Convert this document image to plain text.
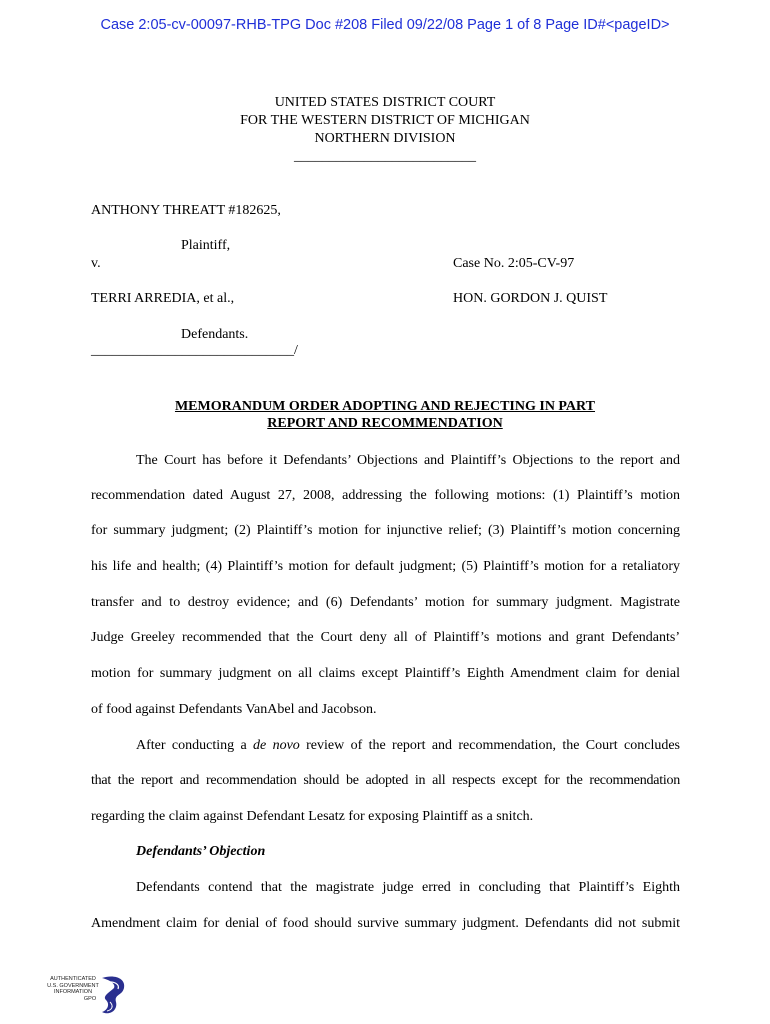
Case 2:05-cv-00097-RHB-TPG Doc #208 Filed 09/22/08 Page 1 of 8 Page ID#<pageID>
UNITED STATES DISTRICT COURT
FOR THE WESTERN DISTRICT OF MICHIGAN
NORTHERN DIVISION
__________________________
ANTHONY THREATT #182625,
Plaintiff,
v.	Case No. 2:05-CV-97
TERRI ARREDIA, et al.,	HON. GORDON J. QUIST
Defendants.
_____________________________/
MEMORANDUM ORDER ADOPTING AND REJECTING IN PART
REPORT AND RECOMMENDATION
The Court has before it Defendants’ Objections and Plaintiff’s Objections to the report and
recommendation dated August 27, 2008, addressing the following motions: (1) Plaintiff’s motion
for summary judgment; (2) Plaintiff’s motion for injunctive relief; (3) Plaintiff’s motion concerning
his life and health; (4) Plaintiff’s motion for default judgment; (5) Plaintiff’s motion for a retaliatory
transfer and to destroy evidence; and (6) Defendants’ motion for summary judgment. Magistrate
Judge Greeley recommended that the Court deny all of Plaintiff’s motions and grant Defendants’
motion for summary judgment on all claims except Plaintiff’s Eighth Amendment claim for denial
of food against Defendants VanAbel and Jacobson.
After conducting a de novo review of the report and recommendation, the Court concludes
that the report and recommendation should be adopted in all respects except for the recommendation
regarding the claim against Defendant Lesatz for exposing Plaintiff as a snitch.
Defendants’ Objection
Defendants contend that the magistrate judge erred in concluding that Plaintiff’s Eighth
Amendment claim for denial of food should survive summary judgment. Defendants did not submit
AUTHENTICATED
U.S. GOVERNMENT
INFORMATION
GPO
